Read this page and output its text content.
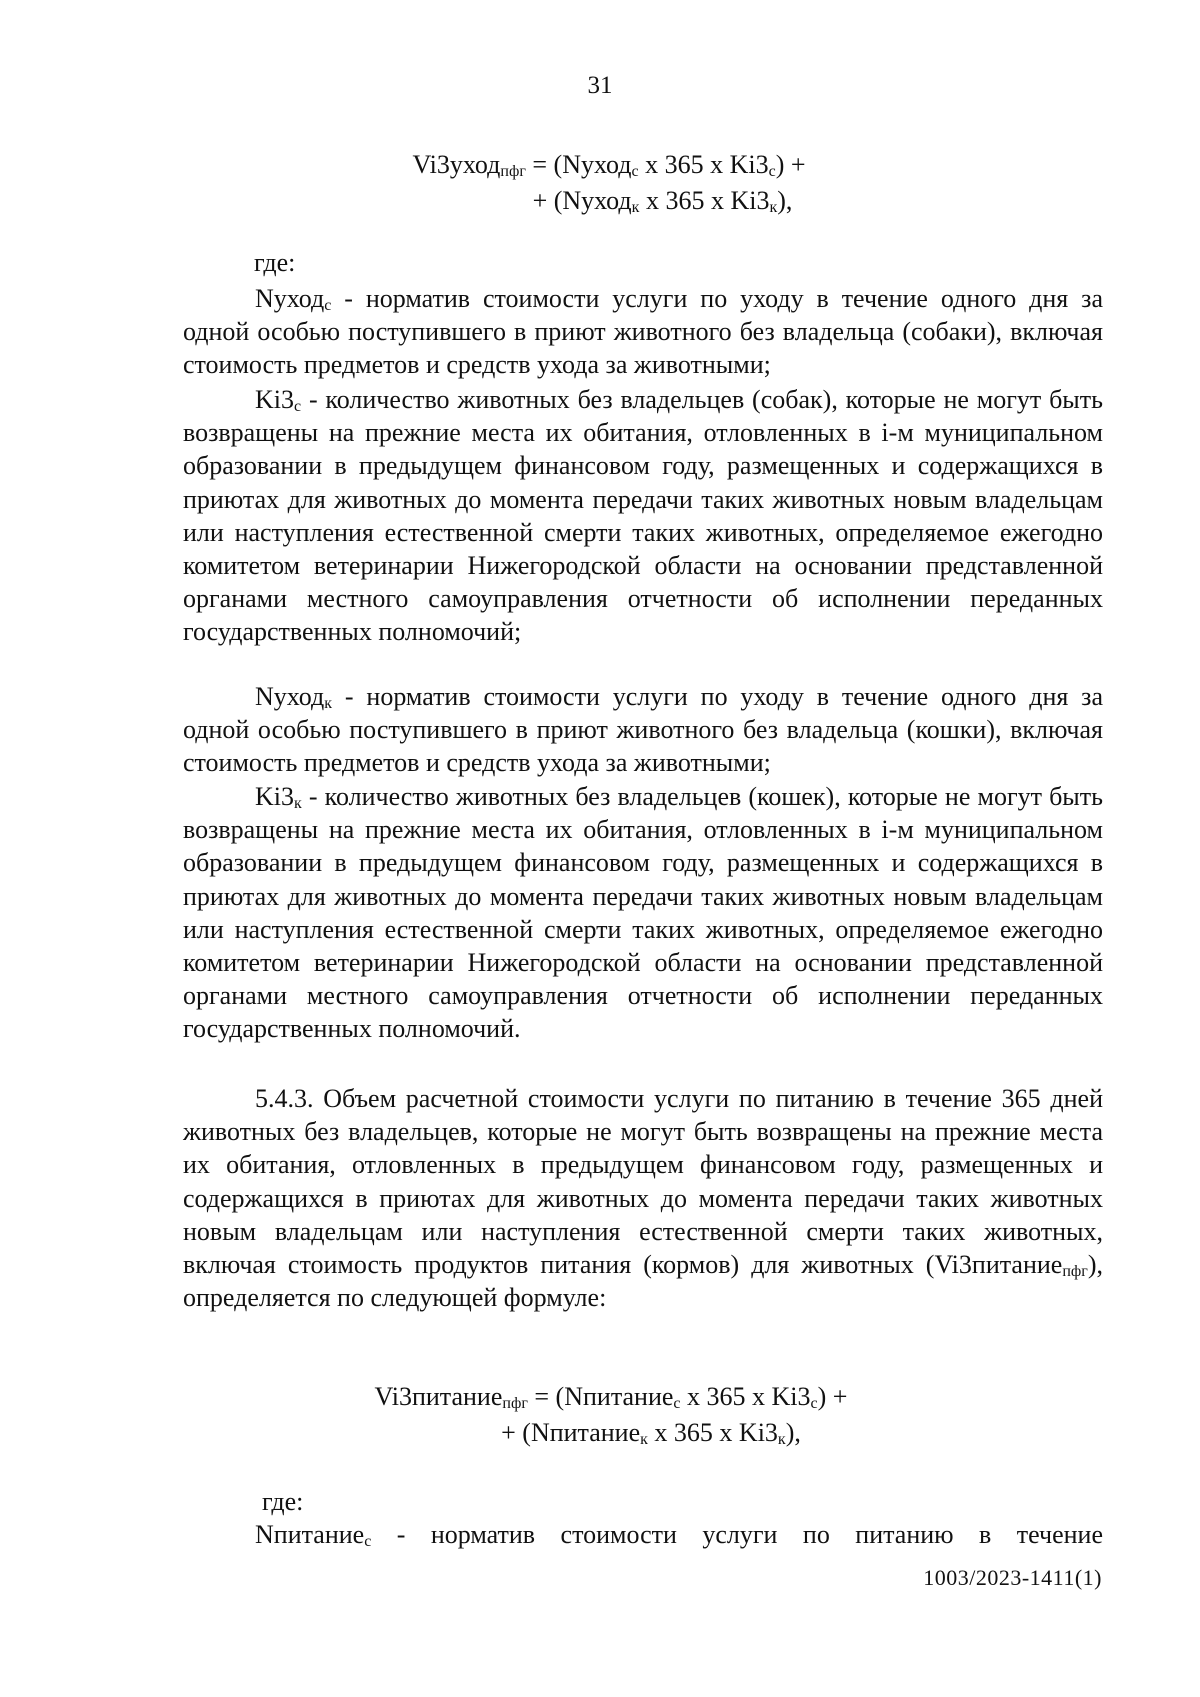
31
Vi3уход$_{пфг}$ = (Nуход$_с$ x 365 x $Ki3_с$) +
+ (Nуход$_к$ x 365 x $Ki3_к$),
где:

Nуход$_с$ - норматив стоимости услуги по уходу в течение одного дня за одной особью поступившего в приют животного без владельца (собаки), включая стоимость предметов и средств ухода за животными;

$Ki3_с$ - количество животных без владельцев (собак), которые не могут быть возвращены на прежние места их обитания, отловленных в i-м муниципальном образовании в предыдущем финансовом году, размещенных и содержащихся в приютах для животных до момента передачи таких животных новым владельцам или наступления естественной смерти таких животных, определяемое ежегодно комитетом ветеринарии Нижегородской области на основании представленной органами местного самоуправления отчетности об исполнении переданных государственных полномочий;

Nуход$_к$ - норматив стоимости услуги по уходу в течение одного дня за одной особью поступившего в приют животного без владельца (кошки), включая стоимость предметов и средств ухода за животными;

$Ki3_к$ - количество животных без владельцев (кошек), которые не могут быть возвращены на прежние места их обитания, отловленных в i-м муниципальном образовании в предыдущем финансовом году, размещенных и содержащихся в приютах для животных до момента передачи таких животных новым владельцам или наступления естественной смерти таких животных, определяемое ежегодно комитетом ветеринарии Нижегородской области на основании представленной органами местного самоуправления отчетности об исполнении переданных государственных полномочий.

5.4.3. Объем расчетной стоимости услуги по питанию в течение 365 дней животных без владельцев, которые не могут быть возвращены на прежние места их обитания, отловленных в предыдущем финансовом году, размещенных и содержащихся в приютах для животных до момента передачи таких животных новым владельцам или наступления естественной смерти таких животных, включая стоимость продуктов питания (кормов) для животных (Vi3питание$_{пфг}$), определяется по следующей формуле:

Vi3питание$_{пфг}$ = (Nпитание$_с$ x 365 x $Ki3_с$) +
+ (Nпитание$_к$ x 365 x $Ki3_к$),
где:

Nпитание$_с$ - норматив стоимости услуги по питанию в течение

1003/2023-1411(1)
